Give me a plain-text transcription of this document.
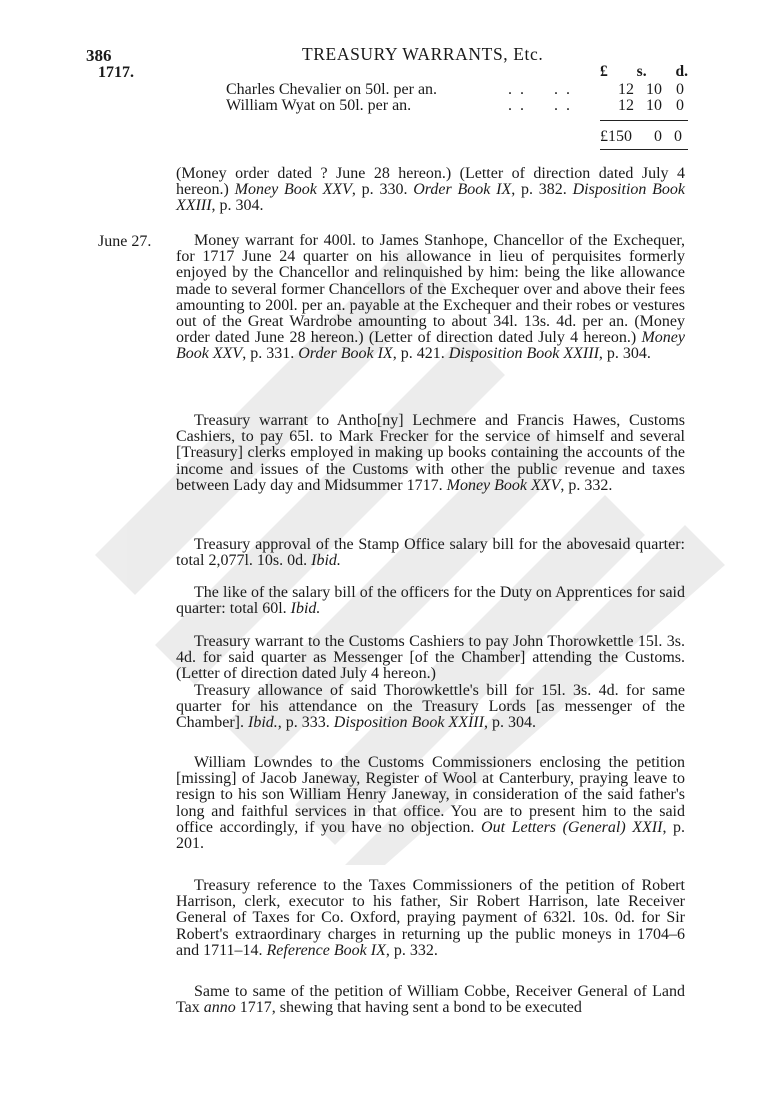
386
1717.
TREASURY WARRANTS, Etc.
£ s. d.
Charles Chevalier on 50l. per an.	. . . .	12 10 0
William Wyat on 50l. per an.	. . . .	12 10 0
£150 0 0

(Money order dated ? June 28 hereon.) (Letter of direction dated July 4 hereon.) Money Book XXV, p. 330. Order Book IX, p. 382. Disposition Book XXIII, p. 304.

June 27.	Money warrant for 400l. to James Stanhope, Chancellor of the Exchequer, for 1717 June 24 quarter on his allowance in lieu of perquisites formerly enjoyed by the Chancellor and relinquished by him: being the like allowance made to several former Chancellors of the Exchequer over and above their fees amounting to 200l. per an. payable at the Exchequer and their robes or vestures out of the Great Wardrobe amounting to about 34l. 13s. 4d. per an. (Money order dated June 28 hereon.) (Letter of direction dated July 4 hereon.) Money Book XXV, p. 331. Order Book IX, p. 421. Disposition Book XXIII, p. 304.

Treasury warrant to Antho[ny] Lechmere and Francis Hawes, Customs Cashiers, to pay 65l. to Mark Frecker for the service of himself and several [Treasury] clerks employed in making up books containing the accounts of the income and issues of the Customs with other the public revenue and taxes between Lady day and Midsummer 1717. Money Book XXV, p. 332.

Treasury approval of the Stamp Office salary bill for the abovesaid quarter: total 2,077l. 10s. 0d. Ibid.

The like of the salary bill of the officers for the Duty on Apprentices for said quarter: total 60l. Ibid.

Treasury warrant to the Customs Cashiers to pay John Thorowkettle 15l. 3s. 4d. for said quarter as Messenger [of the Chamber] attending the Customs. (Letter of direction dated July 4 hereon.)

Treasury allowance of said Thorowkettle's bill for 15l. 3s. 4d. for same quarter for his attendance on the Treasury Lords [as messenger of the Chamber]. Ibid., p. 333. Disposition Book XXIII, p. 304.

William Lowndes to the Customs Commissioners enclosing the petition [missing] of Jacob Janeway, Register of Wool at Canterbury, praying leave to resign to his son William Henry Janeway, in consideration of the said father's long and faithful services in that office. You are to present him to the said office accordingly, if you have no objection. Out Letters (General) XXII, p. 201.

Treasury reference to the Taxes Commissioners of the petition of Robert Harrison, clerk, executor to his father, Sir Robert Harrison, late Receiver General of Taxes for Co. Oxford, praying payment of 632l. 10s. 0d. for Sir Robert's extraordinary charges in returning up the public moneys in 1704–6 and 1711–14. Reference Book IX, p. 332.

Same to same of the petition of William Cobbe, Receiver General of Land Tax anno 1717, shewing that having sent a bond to be executed
